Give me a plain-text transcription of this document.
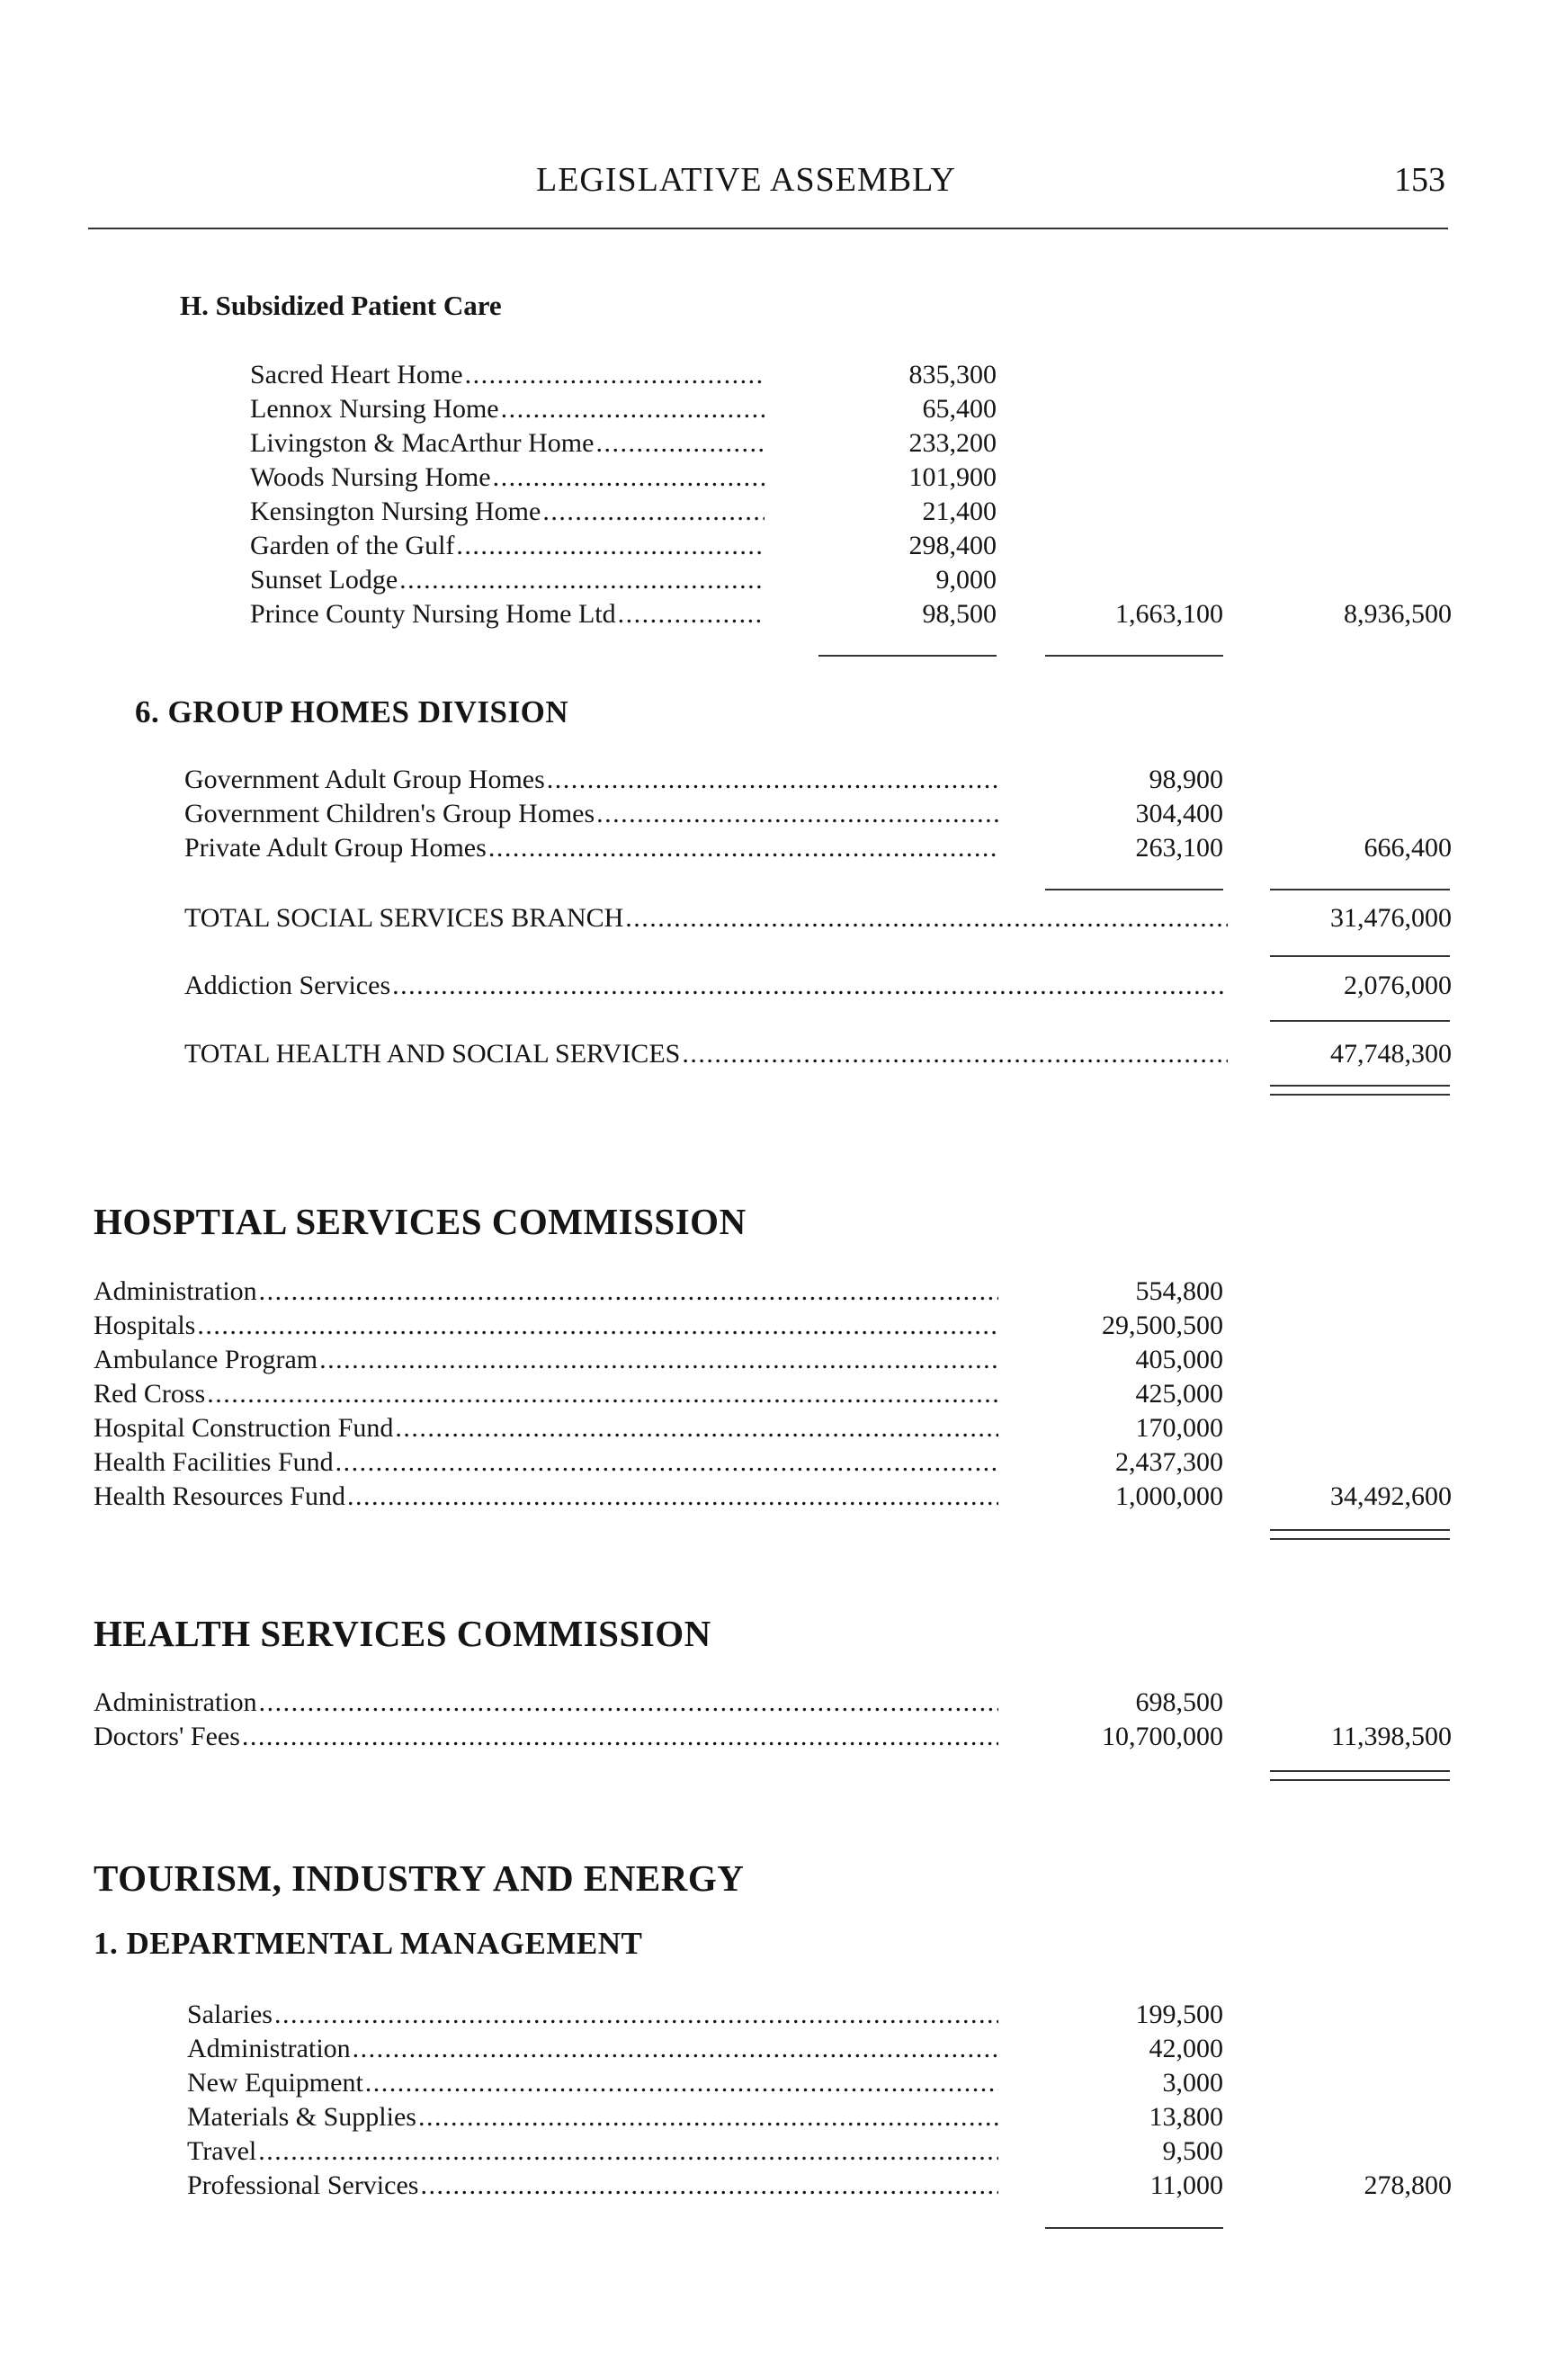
LEGISLATIVE ASSEMBLY	153
H. Subsidized Patient Care
Sacred Heart Home . . .	835,300
Lennox Nursing Home . . .	65,400
Livingston & MacArthur Home . . .	233,200
Woods Nursing Home . . .	101,900
Kensington Nursing Home . . .	21,400
Garden of the Gulf . . .	298,400
Sunset Lodge . . .	9,000
Prince County Nursing Home Ltd . . .	98,500	1,663,100	8,936,500
6. GROUP HOMES DIVISION
Government Adult Group Homes . . .	98,900
Government Children's Group Homes . . .	304,400
Private Adult Group Homes . . .	263,100	666,400
TOTAL SOCIAL SERVICES BRANCH . . .	31,476,000
Addiction Services . . .	2,076,000
TOTAL HEALTH AND SOCIAL SERVICES . . .	47,748,300
HOSPTIAL SERVICES COMMISSION
Administration . . .	554,800
Hospitals . . .	29,500,500
Ambulance Program . . .	405,000
Red Cross . . .	425,000
Hospital Construction Fund . . .	170,000
Health Facilities Fund . . .	2,437,300
Health Resources Fund . . .	1,000,000	34,492,600
HEALTH SERVICES COMMISSION
Administration . . .	698,500
Doctors' Fees . . .	10,700,000	11,398,500
TOURISM, INDUSTRY AND ENERGY
1. DEPARTMENTAL MANAGEMENT
Salaries . . .	199,500
Administration . . .	42,000
New Equipment . . .	3,000
Materials & Supplies . . .	13,800
Travel . . .	9,500
Professional Services . . .	11,000	278,800
